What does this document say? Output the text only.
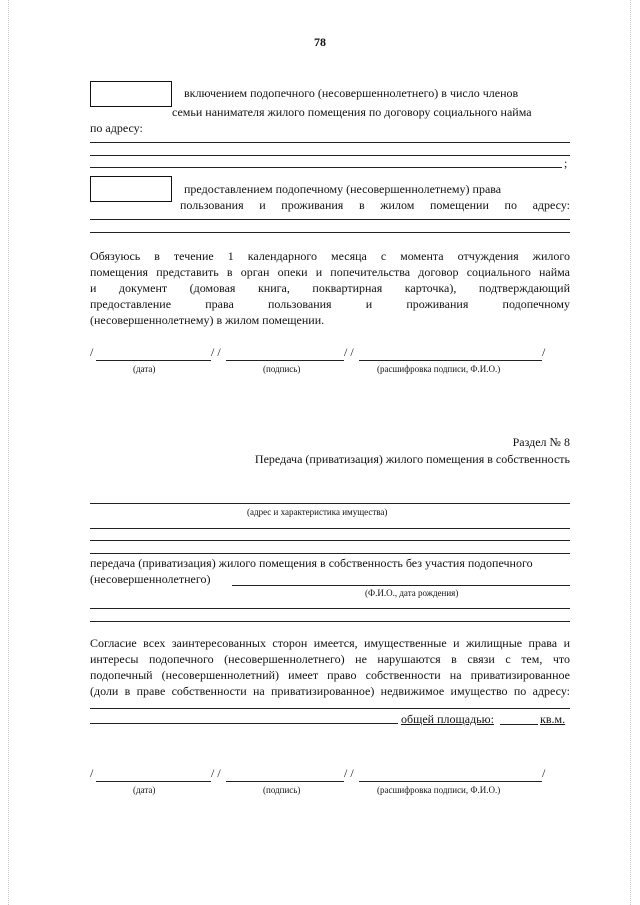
78
включением подопечного (несовершеннолетнего) в число членов
семьи нанимателя жилого помещения по договору социального найма
по адресу:
;
предоставлением подопечному (несовершеннолетнему) права
пользования и проживания в жилом помещении по адресу:
Обязуюсь в течение 1 календарного месяца с момента отчуждения жилого
помещения представить в орган опеки и попечительства договор социального найма
и документ (домовая книга, поквартирная карточка), подтверждающий
предоставление права пользования и проживания подопечному
(несовершеннолетнему) в жилом помещении.
/	/ /	/ /	/
(дата)	(подпись)	(расшифровка подписи, Ф.И.О.)
Раздел № 8
Передача (приватизация) жилого помещения в собственность
(адрес и характеристика имущества)
передача (приватизация) жилого помещения в собственность без участия подопечного
(несовершеннолетнего)
(Ф.И.О., дата рождения)
Согласие всех заинтересованных сторон имеется, имущественные и жилищные права и
интересы подопечного (несовершеннолетнего) не нарушаются в связи с тем, что
подопечный (несовершеннолетний) имеет право собственности на приватизированное
(доли в праве собственности на приватизированное) недвижимое имущество по адресу:
общей площадью:	кв.м.
/	/ /	/ /	/
(дата)	(подпись)	(расшифровка подписи, Ф.И.О.)
